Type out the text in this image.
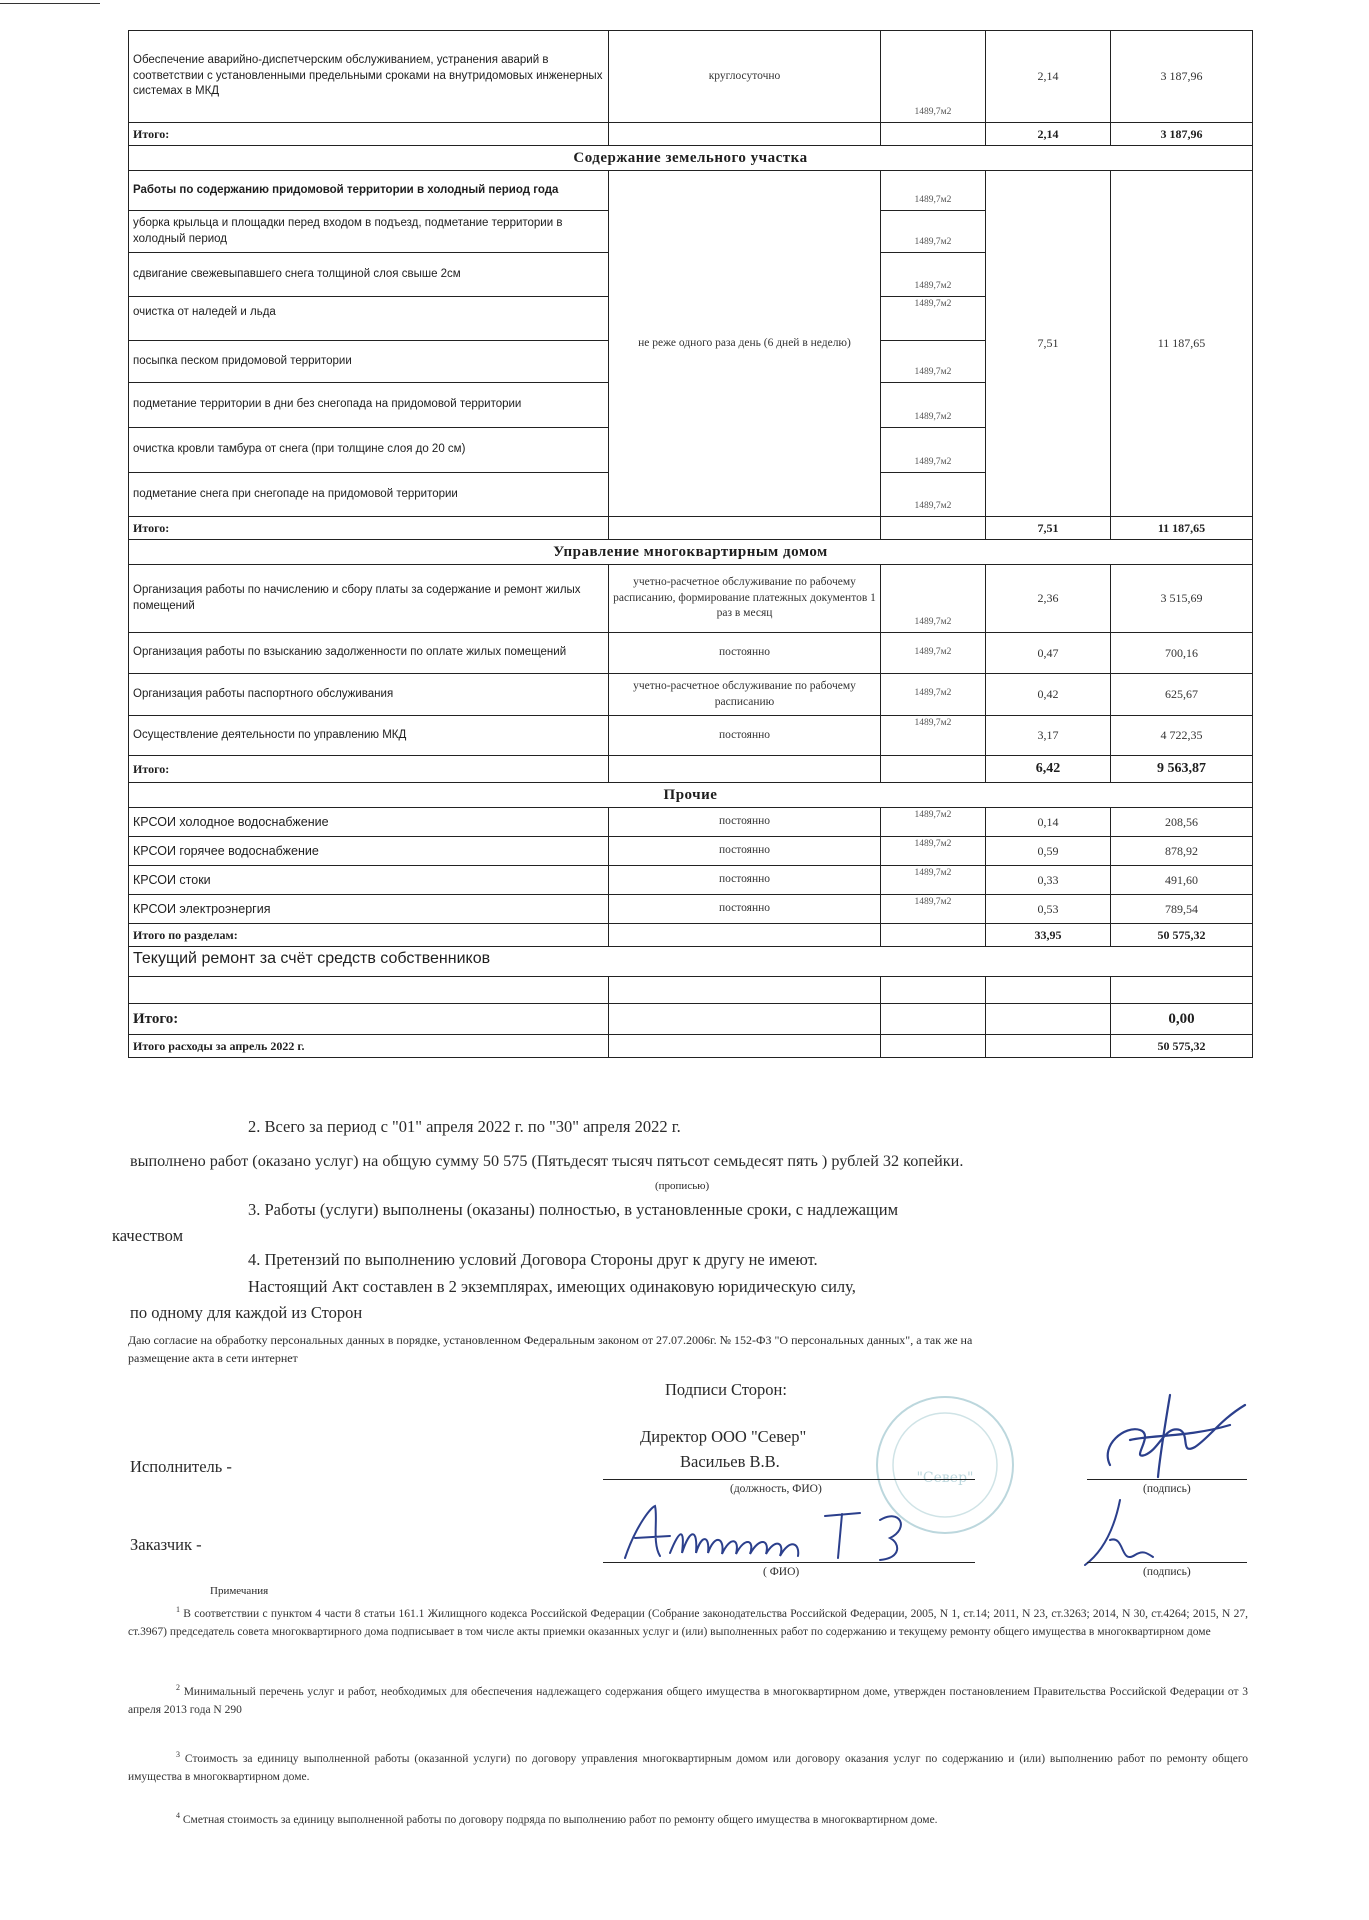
Обеспечение аварийно-диспетчерским обслуживанием, устранения аварий в соответствии с установленными предельными сроками на внутридомовых инженерных системах в МКД	круглосуточно	1489,7м2	2,14	3 187,96
Итого:			2,14	3 187,96
Содержание земельного участка				
Работы по содержанию придомовой территории в холодный период года	не реже одного раза день (6 дней в неделю)	1489,7м2	7,51	11 187,65
уборка крыльца и площадки перед входом в подъезд, подметание территории в холодный период		1489,7м2		
сдвигание свежевыпавшего снега толщиной слоя свыше 2см		1489,7м2		
очистка от наледей и льда		1489,7м2		
посыпка песком придомовой территории		1489,7м2		
подметание территории в дни без снегопада на придомовой территории		1489,7м2		
очистка кровли тамбура от снега (при толщине слоя до 20 см)		1489,7м2		
подметание снега при снегопаде на придомовой территории		1489,7м2		
Итого:			7,51	11 187,65
Управление многоквартирным домом				
Организация работы по начислению и сбору платы за содержание и ремонт жилых помещений	учетно-расчетное обслуживание по рабочему расписанию, формирование платежных документов 1 раз в месяц	1489,7м2	2,36	3 515,69
Организация работы по взысканию задолженности по оплате жилых помещений	постоянно	1489,7м2	0,47	700,16
Организация работы паспортного обслуживания	учетно-расчетное обслуживание по рабочему расписанию	1489,7м2	0,42	625,67
Осуществление деятельности по управлению МКД	постоянно	1489,7м2	3,17	4 722,35
Итого:			6,42	9 563,87
Прочие				
КРСОИ холодное водоснабжение	постоянно	1489,7м2	0,14	208,56
КРСОИ горячее водоснабжение	постоянно	1489,7м2	0,59	878,92
КРСОИ стоки	постоянно	1489,7м2	0,33	491,60
КРСОИ электроэнергия	постоянно	1489,7м2	0,53	789,54
Итого по разделам:			33,95	50 575,32
Текущий ремонт за счёт средств собственников				

Итого:				0,00
Итого расходы за апрель 2022 г.				50 575,32
2. Всего за период с "01" апреля 2022 г. по "30" апреля 2022 г.
выполнено работ (оказано услуг) на общую сумму 50 575 (Пятьдесят тысяч пятьсот семьдесят пять ) рублей 32 копейки.
(прописью)
3. Работы (услуги) выполнены (оказаны) полностью, в установленные сроки, с надлежащим
качеством
4. Претензий по выполнению условий Договора Стороны друг к другу не имеют.
Настоящий Акт составлен в 2 экземплярах, имеющих одинаковую юридическую силу,
по одному для каждой из Сторон
Даю согласие на обработку персональных данных в порядке, установленном Федеральным законом от 27.07.2006г. № 152-ФЗ "О персональных данных", а так же на
размещение акта в сети интернет
Подписи Сторон:
"Север"
Исполнитель -
Директор ООО "Север"
Васильев В.В.
(должность, ФИО)	(подпись)
Заказчик -
( ФИО)	(подпись)
Примечания
$^1$ В соответствии с пунктом 4 части 8 статьи 161.1 Жилищного кодекса Российской Федерации (Собрание законодательства Российской Федерации, 2005, N 1, ст.14; 2011, N 23, ст.3263; 2014, N 30, ст.4264; 2015, N 27, ст.3967) председатель совета многоквартирного дома подписывает в том числе акты приемки оказанных услуг и (или) выполненных работ по содержанию и текущему ремонту общего имущества в многоквартирном доме
$^2$ Минимальный перечень услуг и работ, необходимых для обеспечения надлежащего содержания общего имущества в многоквартирном доме, утвержден постановлением Правительства Российской Федерации от 3 апреля 2013 года N 290
$^3$ Стоимость за единицу выполненной работы (оказанной услуги) по договору управления многоквартирным домом или договору оказания услуг по содержанию и (или) выполнению работ по ремонту общего имущества в многоквартирном доме.
$^4$ Сметная стоимость за единицу выполненной работы по договору подряда по выполнению работ по ремонту общего имущества в многоквартирном доме.
